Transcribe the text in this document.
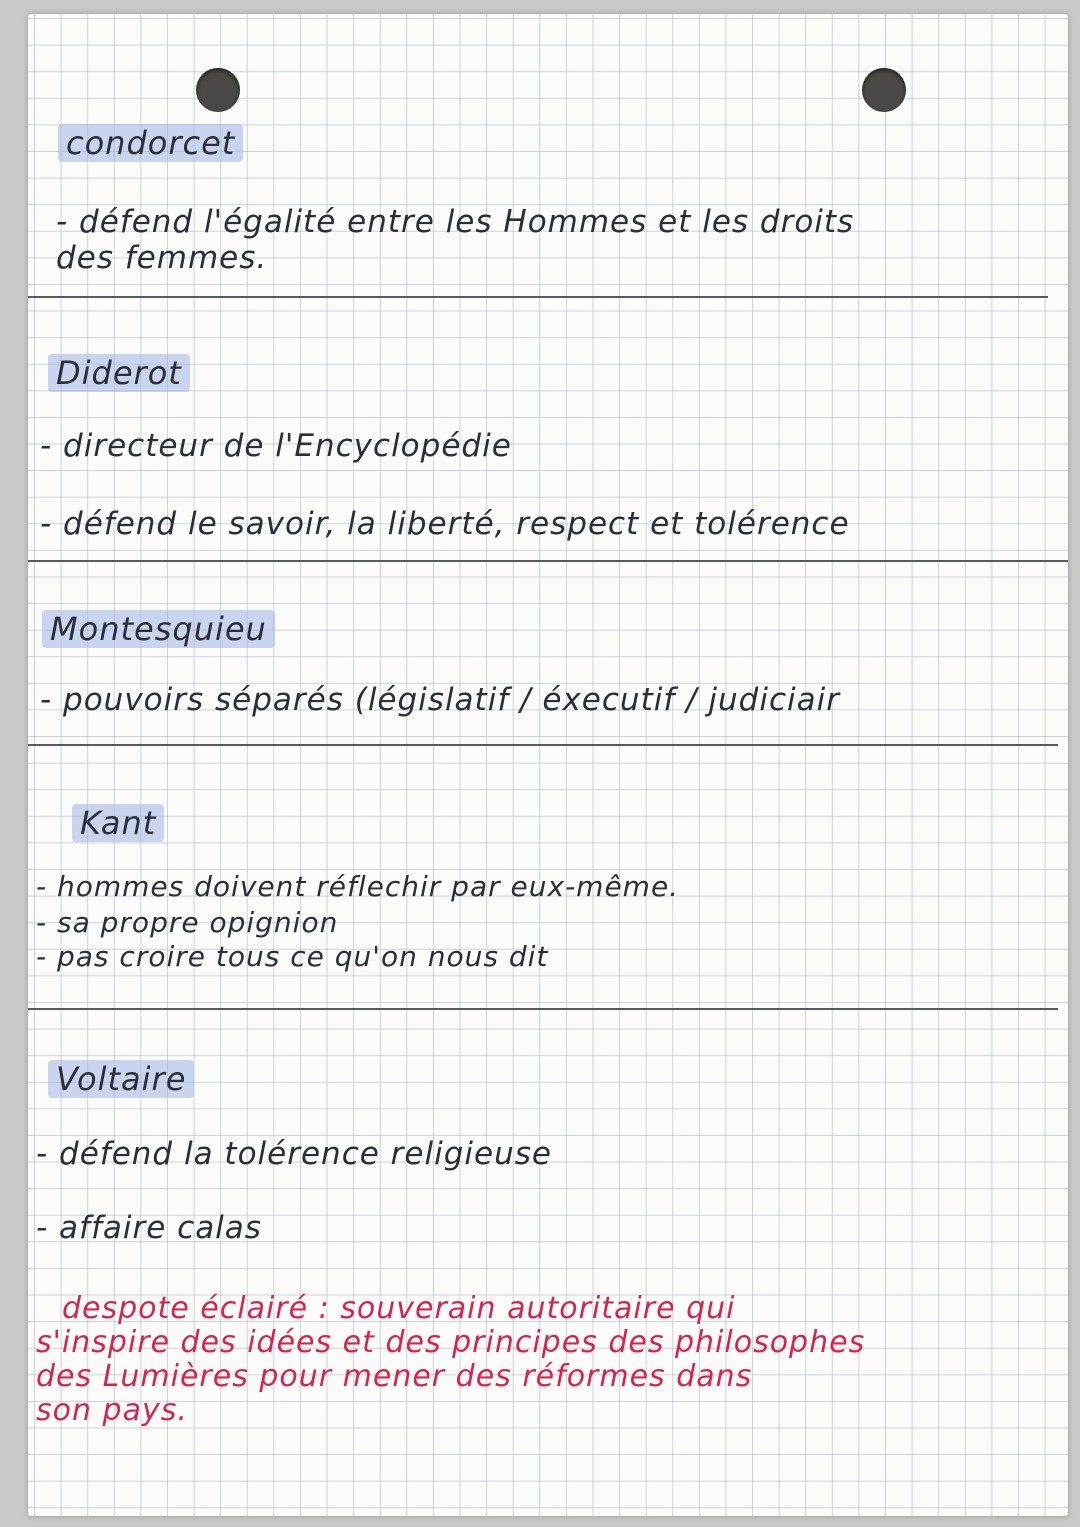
condorcet
- défend l'égalité entre les Hommes et les droits
des femmes.
Diderot
- directeur de l'Encyclopédie
- défend le savoir, la liberté, respect et tolérence
Montesquieu
- pouvoirs séparés (législatif / éxecutif / judiciair
Kant
- hommes doivent réflechir par eux-même.
- sa propre opignion
- pas croire tous ce qu'on nous dit
Voltaire
- défend la tolérence religieuse
- affaire calas
despote éclairé : souverain autoritaire qui
s'inspire des idées et des principes des philosophes
des Lumières pour mener des réformes dans
son pays.
